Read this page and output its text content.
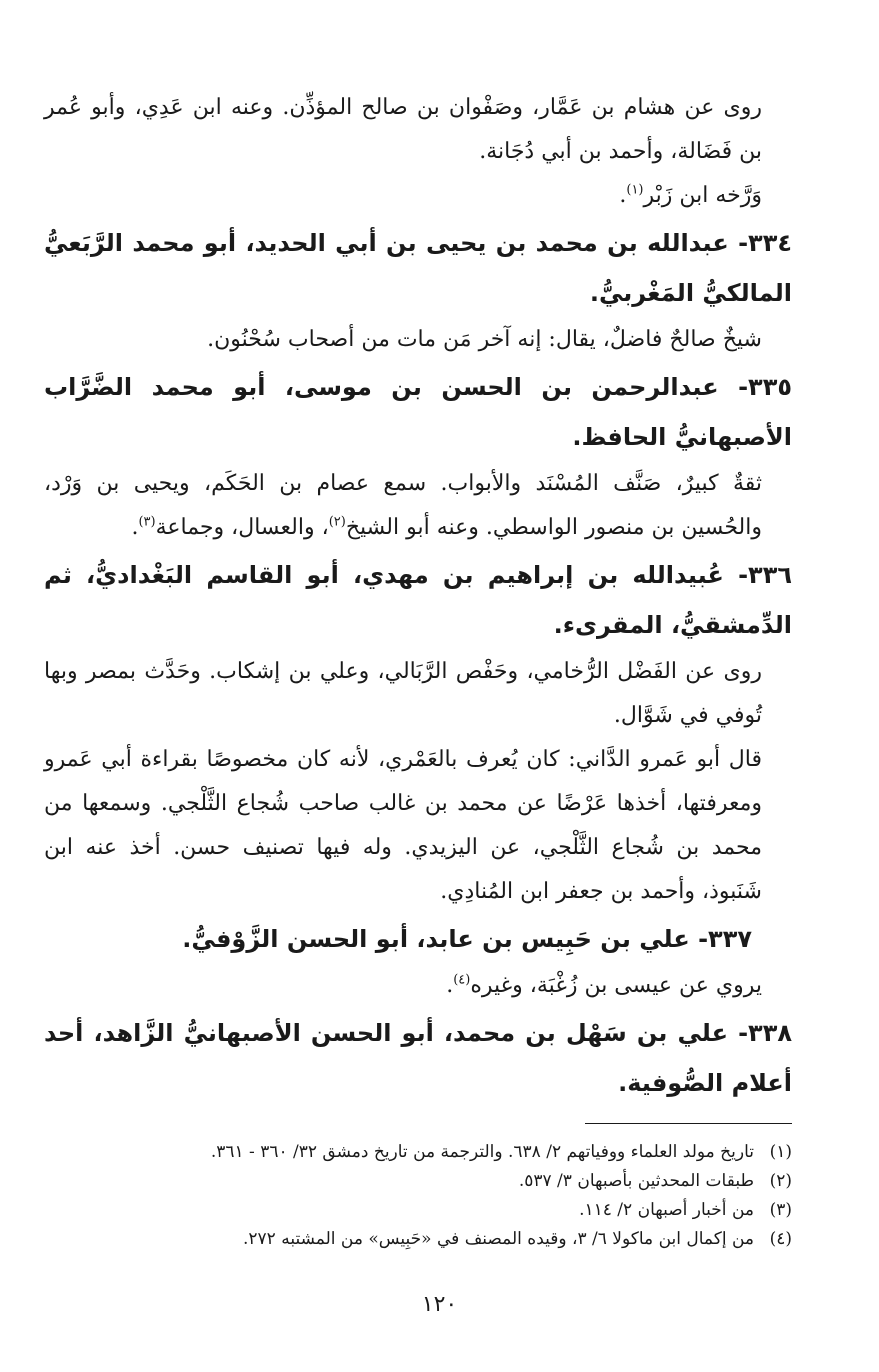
روى عن هشام بن عَمَّار، وصَفْوان بن صالح المؤذِّن. وعنه ابن عَدِي، وأبو عُمر بن فَضَالة، وأحمد بن أبي دُجَانة.

وَرَّخه ابن زَبْر$^{(١)}$.

٣٣٤- عبدالله بن محمد بن يحيى بن أبي الحديد، أبو محمد الرَّبَعيُّ المالكيُّ المَغْربيُّ.

شيخٌ صالحٌ فاضلٌ، يقال: إنه آخر مَن مات من أصحاب سُحْنُون.

٣٣٥- عبدالرحمن بن الحسن بن موسى، أبو محمد الضَّرَّاب الأصبهانيُّ الحافظ.

ثقةٌ كبيرٌ، صَنَّف المُسْنَد والأبواب. سمع عصام بن الحَكَم، ويحيى بن وَرْد، والحُسين بن منصور الواسطي. وعنه أبو الشيخ$^{(٢)}$، والعسال، وجماعة$^{(٣)}$.

٣٣٦- عُبيدالله بن إبراهيم بن مهدي، أبو القاسم البَغْداديُّ، ثم الدِّمشقيُّ، المقرىء.

روى عن الفَضْل الرُّخامي، وحَفْص الرَّبَالي، وعلي بن إشكاب. وحَدَّث بمصر وبها تُوفي في شَوَّال.

قال أبو عَمرو الدَّاني: كان يُعرف بالعَمْري، لأنه كان مخصوصًا بقراءة أبي عَمرو ومعرفتها، أخذها عَرْضًا عن محمد بن غالب صاحب شُجاع الثَّلْجي. وسمعها من محمد بن شُجاع الثَّلْجي، عن اليزيدي. وله فيها تصنيف حسن. أخذ عنه ابن شَنَبوذ، وأحمد بن جعفر ابن المُنادِي.

٣٣٧- علي بن حَبِيس بن عابد، أبو الحسن الزَّوْفيُّ.

يروي عن عيسى بن زُغْبَة، وغيره$^{(٤)}$.

٣٣٨- علي بن سَهْل بن محمد، أبو الحسن الأصبهانيُّ الزَّاهد، أحد أعلام الصُّوفية.

(١)
تاريخ مولد العلماء ووفياتهم ٢/ ٦٣٨. والترجمة من تاريخ دمشق ٣٢/ ٣٦٠ - ٣٦١.
(٢)
طبقات المحدثين بأصبهان ٣/ ٥٣٧.
(٣)
من أخبار أصبهان ٢/ ١١٤.
(٤)
من إكمال ابن ماكولا ٦/ ٣، وقيده المصنف في «حَبِيس» من المشتبه ٢٧٢.
١٢٠
